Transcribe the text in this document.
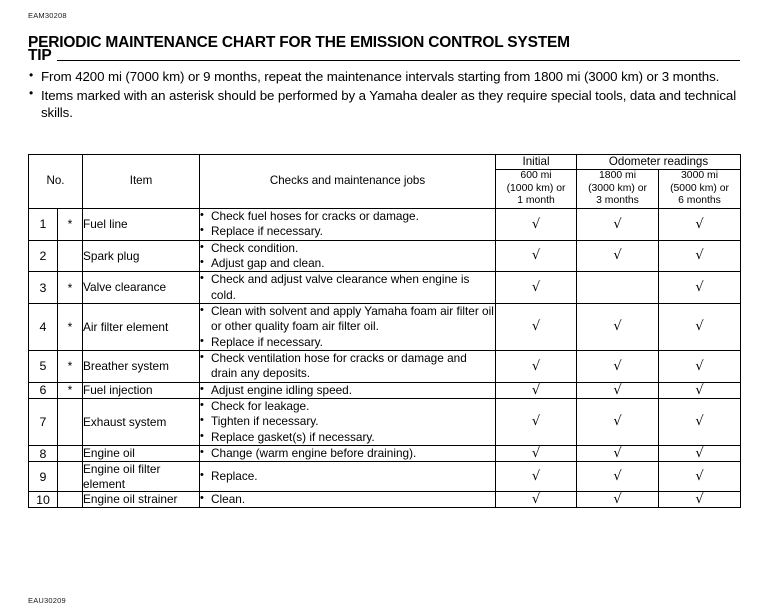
EAM30208
PERIODIC MAINTENANCE CHART FOR THE EMISSION CONTROL SYSTEM
TIP
• From 4200 mi (7000 km) or 9 months, repeat the maintenance intervals starting from 1800 mi (3000 km) or 3 months.
• Items marked with an asterisk should be performed by a Yamaha dealer as they require special tools, data and technical skills.
No.		Item	Checks and maintenance jobs	Initial	Odometer readings	
				600 mi
(1000 km) or
1 month	1800 mi
(3000 km) or
3 months	3000 mi
(5000 km) or
6 months
1	*	Fuel line	
• Check fuel hoses for cracks or damage.
• Replace if necessary.	√	√	√
2		Spark plug	
• Check condition.
• Adjust gap and clean.	√	√	√
3	*	Valve clearance	
• Check and adjust valve clearance when engine is cold.	√		√
4	*	Air filter element	
• Clean with solvent and apply Yamaha foam air filter oil or other quality foam air filter oil.
• Replace if necessary.
	√	√	√
5	*	Breather system	
• Check ventilation hose for cracks or damage and drain any deposits.	√	√	√
6	*	Fuel injection	
•Adjust engine idling speed.	√	√	√
7		Exhaust system	
• Check for leakage.
• Tighten if necessary.
• Replace gasket(s) if necessary.
	√	√	√
8		Engine oil	
•Change (warm engine before draining).	√	√	√
9		Engine oil filter element	
• Replace.	√	√	√
10		Engine oil strainer	
•Clean.	√	√	√
EAU30209
